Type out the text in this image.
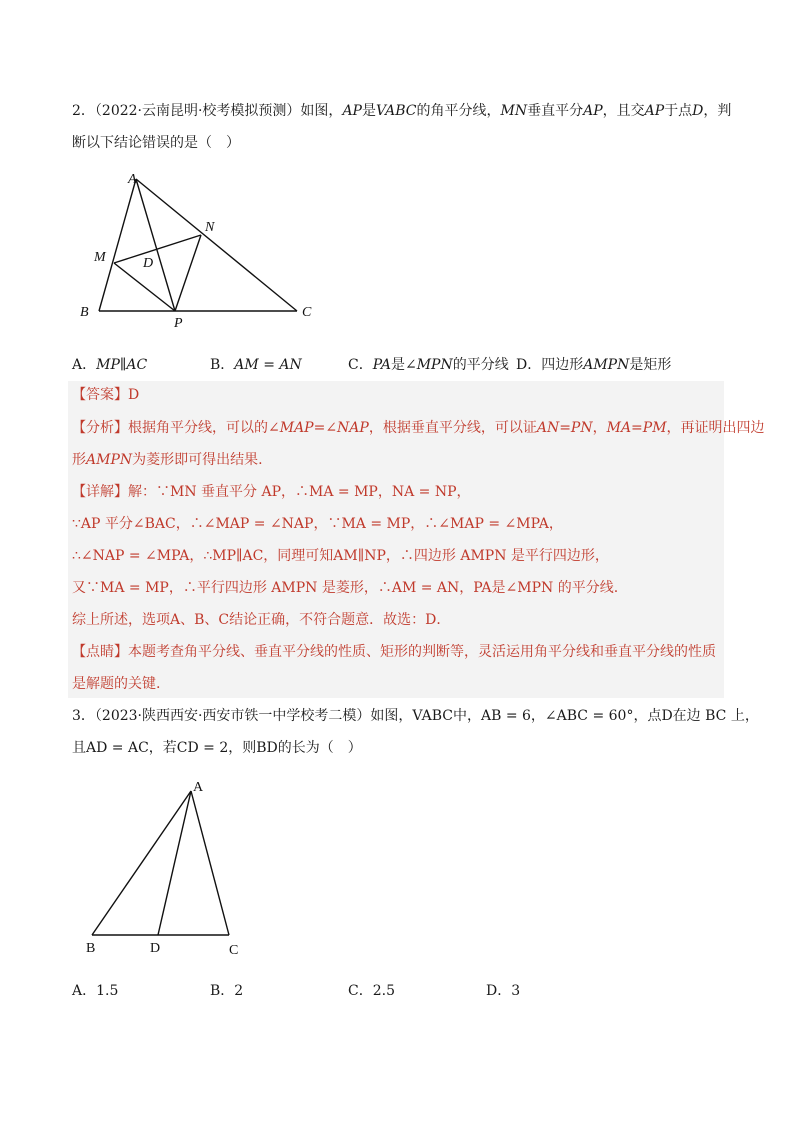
2．（2022·云南昆明·校考模拟预测）如图，AP是VABC的角平分线，MN垂直平分AP，且交AP于点D，判
断以下结论错误的是（　）
A
N
M	D
B
P
C
A．MP∥AC	B．AM = AN	C．PA是∠MPN的平分线 D．四边形AMPN是矩形
【答案】D
【分析】根据角平分线，可以的∠MAP=∠NAP，根据垂直平分线，可以证AN=PN，MA=PM，再证明出四边
形AMPN为菱形即可得出结果.
【详解】解：∵MN 垂直平分 AP，∴MA = MP，NA = NP，
∵AP 平分∠BAC，∴∠MAP = ∠NAP，∵MA = MP，∴∠MAP = ∠MPA，
∴∠NAP = ∠MPA，∴MP∥AC，同理可知AM∥NP，∴四边形 AMPN 是平行四边形，
又∵MA = MP，∴平行四边形 AMPN 是菱形，∴AM = AN，PA是∠MPN 的平分线.
综上所述，选项A、B、C结论正确，不符合题意．故选：D．
【点睛】本题考查角平分线、垂直平分线的性质、矩形的判断等，灵活运用角平分线和垂直平分线的性质
是解题的关键.
3．（2023·陕西西安·西安市铁一中学校考二模）如图，VABC中，AB = 6，∠ABC = 60°，点D在边 BC 上，
且AD = AC，若CD = 2，则BD的长为（　）
A
B	D	C
A．1.5	B．2	C．2.5	D．3
